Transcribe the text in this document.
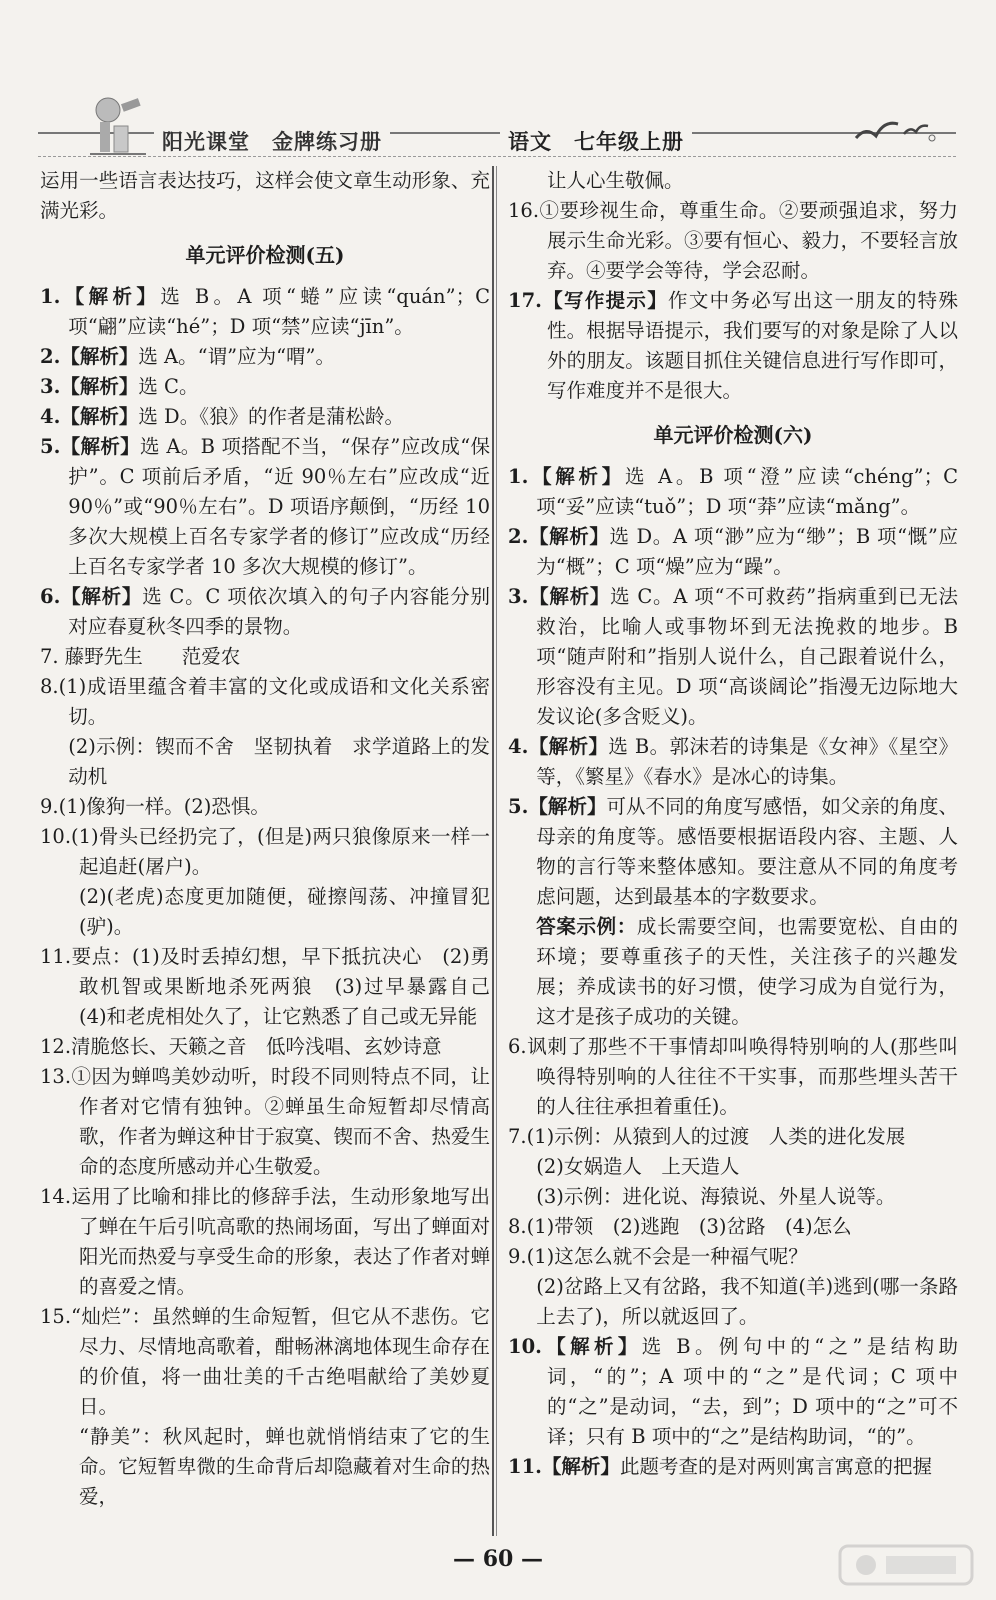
阳光课堂　金牌练习册	语文　七年级上册

运用一些语言表达技巧，这样会使文章生动形象、充满光彩。

单元评价检测(五)

1.【解析】选 B。A 项“蜷”应读“quán”；C 项“翩”应读“hé”；D 项“禁”应读“jīn”。

2.【解析】选 A。“谓”应为“喟”。

3.【解析】选 C。

4.【解析】选 D。《狼》的作者是蒲松龄。

5.【解析】选 A。B 项搭配不当，“保存”应改成“保护”。C 项前后矛盾，“近 90％左右”应改成“近 90％”或“90％左右”。D 项语序颠倒，“历经 10 多次大规模上百名专家学者的修订”应改成“历经上百名专家学者 10 多次大规模的修订”。

6.【解析】选 C。C 项依次填入的句子内容能分别对应春夏秋冬四季的景物。

7. 藤野先生　　范爱农

8.(1)成语里蕴含着丰富的文化或成语和文化关系密切。

(2)示例：锲而不舍　坚韧执着　求学道路上的发动机

9.(1)像狗一样。(2)恐惧。

10.(1)骨头已经扔完了，(但是)两只狼像原来一样一起追赶(屠户)。

(2)(老虎)态度更加随便，碰擦闯荡、冲撞冒犯(驴)。

11.要点：(1)及时丢掉幻想，早下抵抗决心　(2)勇敢机智或果断地杀死两狼　(3)过早暴露自己　(4)和老虎相处久了，让它熟悉了自己或无异能

12.清脆悠长、天籁之音　低吟浅唱、玄妙诗意

13.①因为蝉鸣美妙动听，时段不同则特点不同，让作者对它情有独钟。②蝉虽生命短暂却尽情高歌，作者为蝉这种甘于寂寞、锲而不舍、热爱生命的态度所感动并心生敬爱。

14.运用了比喻和排比的修辞手法，生动形象地写出了蝉在午后引吭高歌的热闹场面，写出了蝉面对阳光而热爱与享受生命的形象，表达了作者对蝉的喜爱之情。

15.“灿烂”：虽然蝉的生命短暂，但它从不悲伤。它尽力、尽情地高歌着，酣畅淋漓地体现生命存在的价值，将一曲壮美的千古绝唱献给了美妙夏日。

“静美”：秋风起时，蝉也就悄悄结束了它的生命。它短暂卑微的生命背后却隐藏着对生命的热爱，

让人心生敬佩。

16.①要珍视生命，尊重生命。②要顽强追求，努力展示生命光彩。③要有恒心、毅力，不要轻言放弃。④要学会等待，学会忍耐。

17.【写作提示】作文中务必写出这一朋友的特殊性。根据导语提示，我们要写的对象是除了人以外的朋友。该题目抓住关键信息进行写作即可，写作难度并不是很大。

单元评价检测(六)

1.【解析】选 A。B 项“澄”应读“chéng”；C 项“妥”应读“tuǒ”；D 项“莽”应读“mǎng”。

2.【解析】选 D。A 项“渺”应为“缈”；B 项“慨”应为“概”；C 项“燥”应为“躁”。

3.【解析】选 C。A 项“不可救药”指病重到已无法救治，比喻人或事物坏到无法挽救的地步。B 项“随声附和”指别人说什么，自己跟着说什么，形容没有主见。D 项“高谈阔论”指漫无边际地大发议论(多含贬义)。

4.【解析】选 B。郭沫若的诗集是《女神》《星空》等，《繁星》《春水》是冰心的诗集。

5.【解析】可从不同的角度写感悟，如父亲的角度、母亲的角度等。感悟要根据语段内容、主题、人物的言行等来整体感知。要注意从不同的角度考虑问题，达到最基本的字数要求。

答案示例：成长需要空间，也需要宽松、自由的环境；要尊重孩子的天性，关注孩子的兴趣发展；养成读书的好习惯，使学习成为自觉行为，这才是孩子成功的关键。

6.讽刺了那些不干事情却叫唤得特别响的人(那些叫唤得特别响的人往往不干实事，而那些埋头苦干的人往往承担着重任)。

7.(1)示例：从猿到人的过渡　人类的进化发展

(2)女娲造人　上天造人

(3)示例：进化说、海猿说、外星人说等。

8.(1)带领　(2)逃跑　(3)岔路　(4)怎么

9.(1)这怎么就不会是一种福气呢？

(2)岔路上又有岔路，我不知道(羊)逃到(哪一条路上去了)，所以就返回了。

10.【解析】选 B。例句中的“之”是结构助词，“的”；A 项中的“之”是代词；C 项中的“之”是动词，“去，到”；D 项中的“之”可不译；只有 B 项中的“之”是结构助词，“的”。

11.【解析】此题考查的是对两则寓言寓意的把握

— 60 —
